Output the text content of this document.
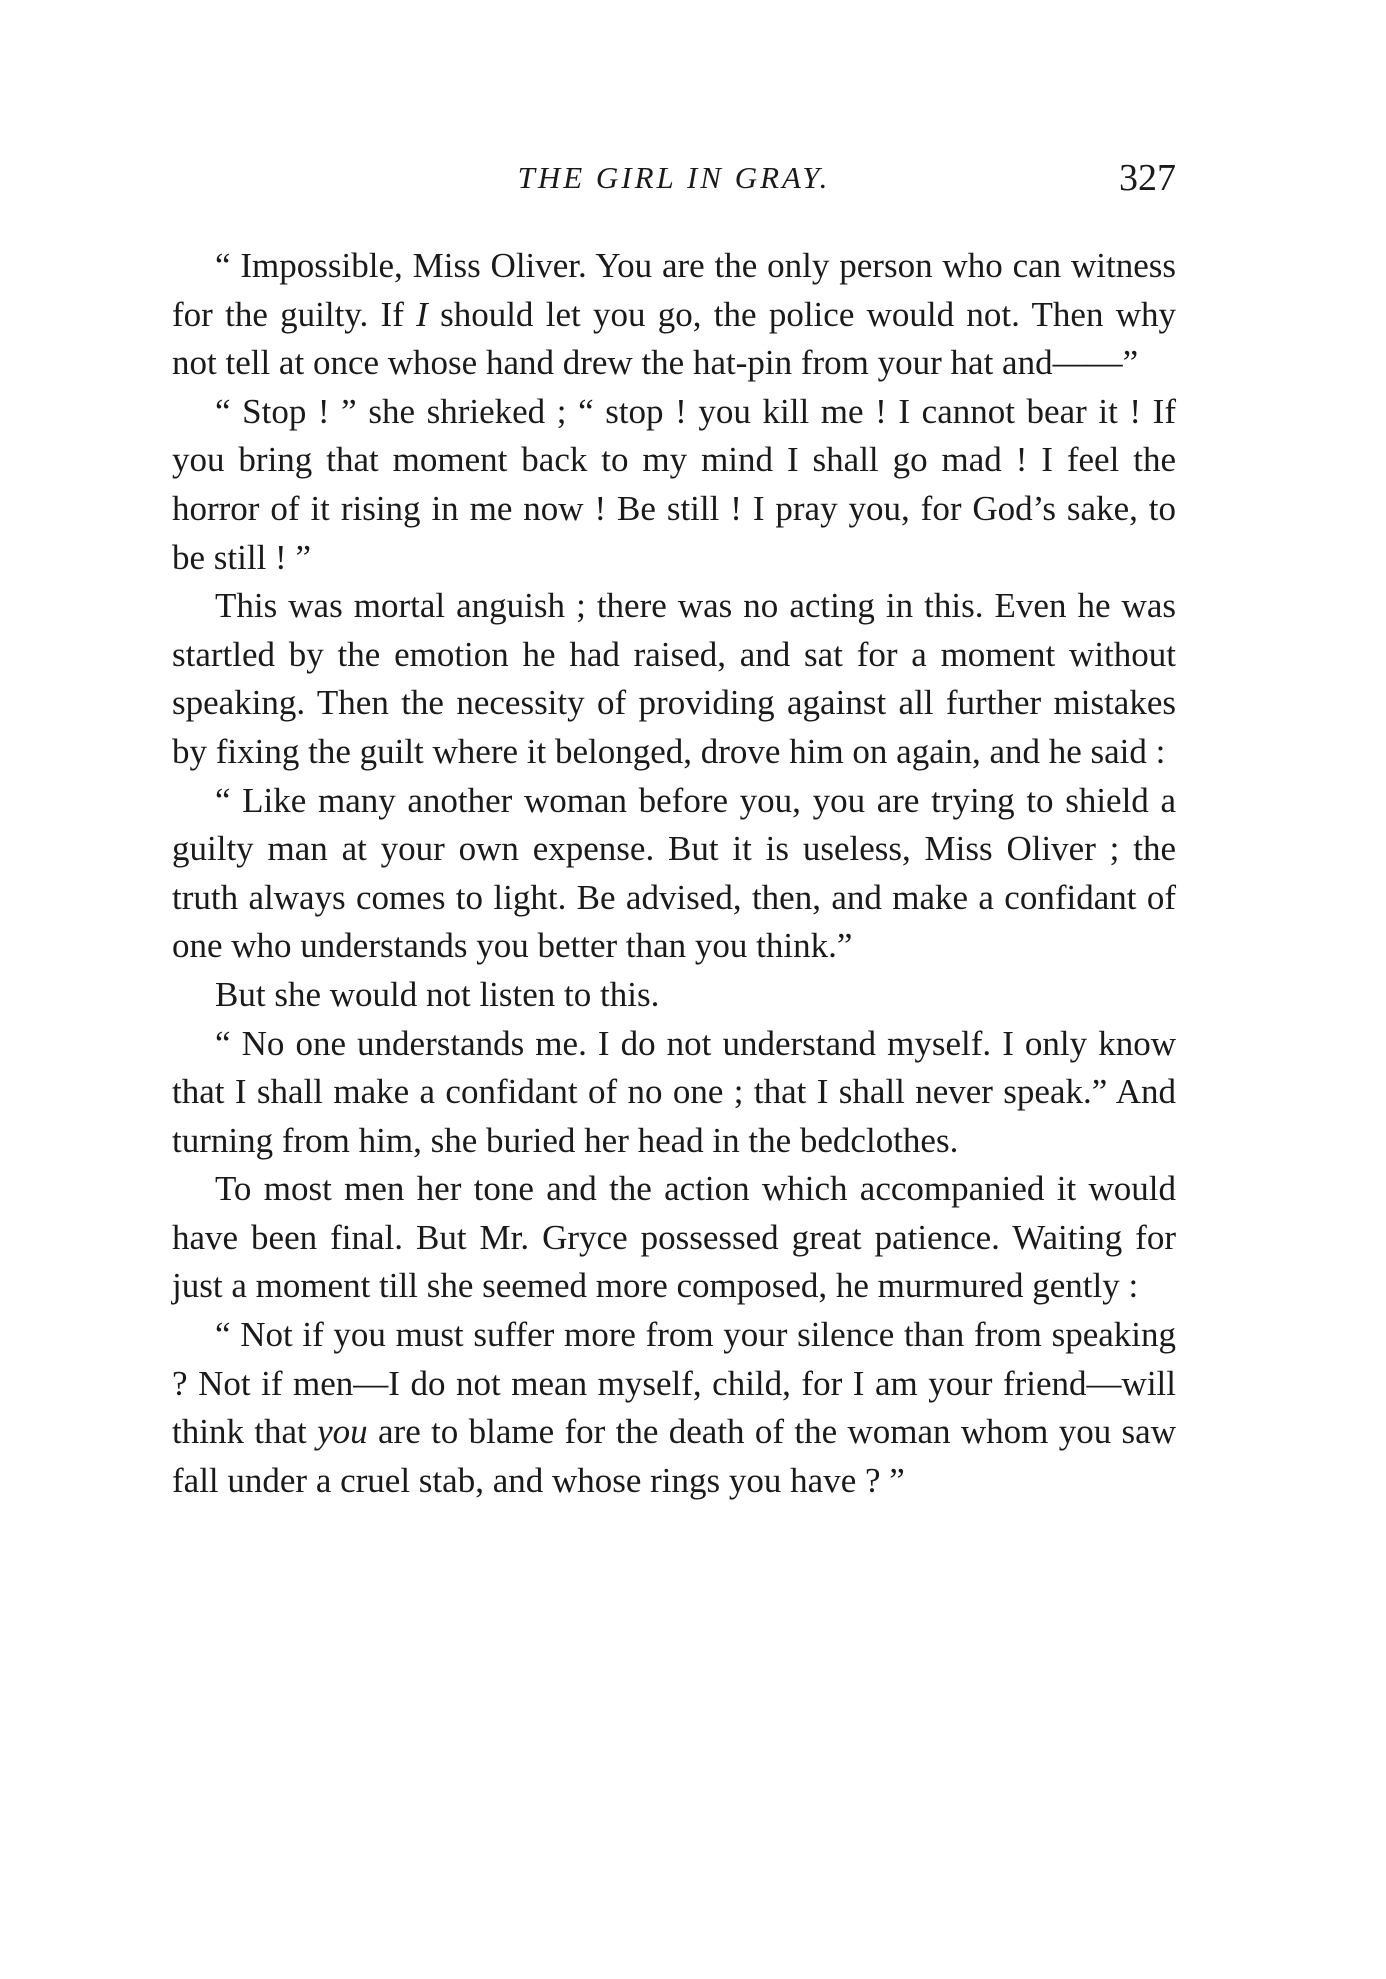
THE GIRL IN GRAY.	327

“ Impossible, Miss Oliver. You are the only person who can witness for the guilty. If I should let you go, the police would not. Then why not tell at once whose hand drew the hat-pin from your hat and——”

“ Stop ! ” she shrieked ; “ stop ! you kill me ! I cannot bear it ! If you bring that moment back to my mind I shall go mad ! I feel the horror of it rising in me now ! Be still ! I pray you, for God’s sake, to be still ! ”

This was mortal anguish ; there was no acting in this. Even he was startled by the emotion he had raised, and sat for a moment without speaking. Then the necessity of providing against all further mistakes by fixing the guilt where it belonged, drove him on again, and he said :

“ Like many another woman before you, you are trying to shield a guilty man at your own expense. But it is useless, Miss Oliver ; the truth always comes to light. Be advised, then, and make a confidant of one who understands you better than you think.”

But she would not listen to this.

“ No one understands me. I do not understand myself. I only know that I shall make a confidant of no one ; that I shall never speak.” And turning from him, she buried her head in the bedclothes.

To most men her tone and the action which accompanied it would have been final. But Mr. Gryce possessed great patience. Waiting for just a moment till she seemed more composed, he murmured gently :

“ Not if you must suffer more from your silence than from speaking ? Not if men—I do not mean myself, child, for I am your friend—will think that you are to blame for the death of the woman whom you saw fall under a cruel stab, and whose rings you have ? ”
